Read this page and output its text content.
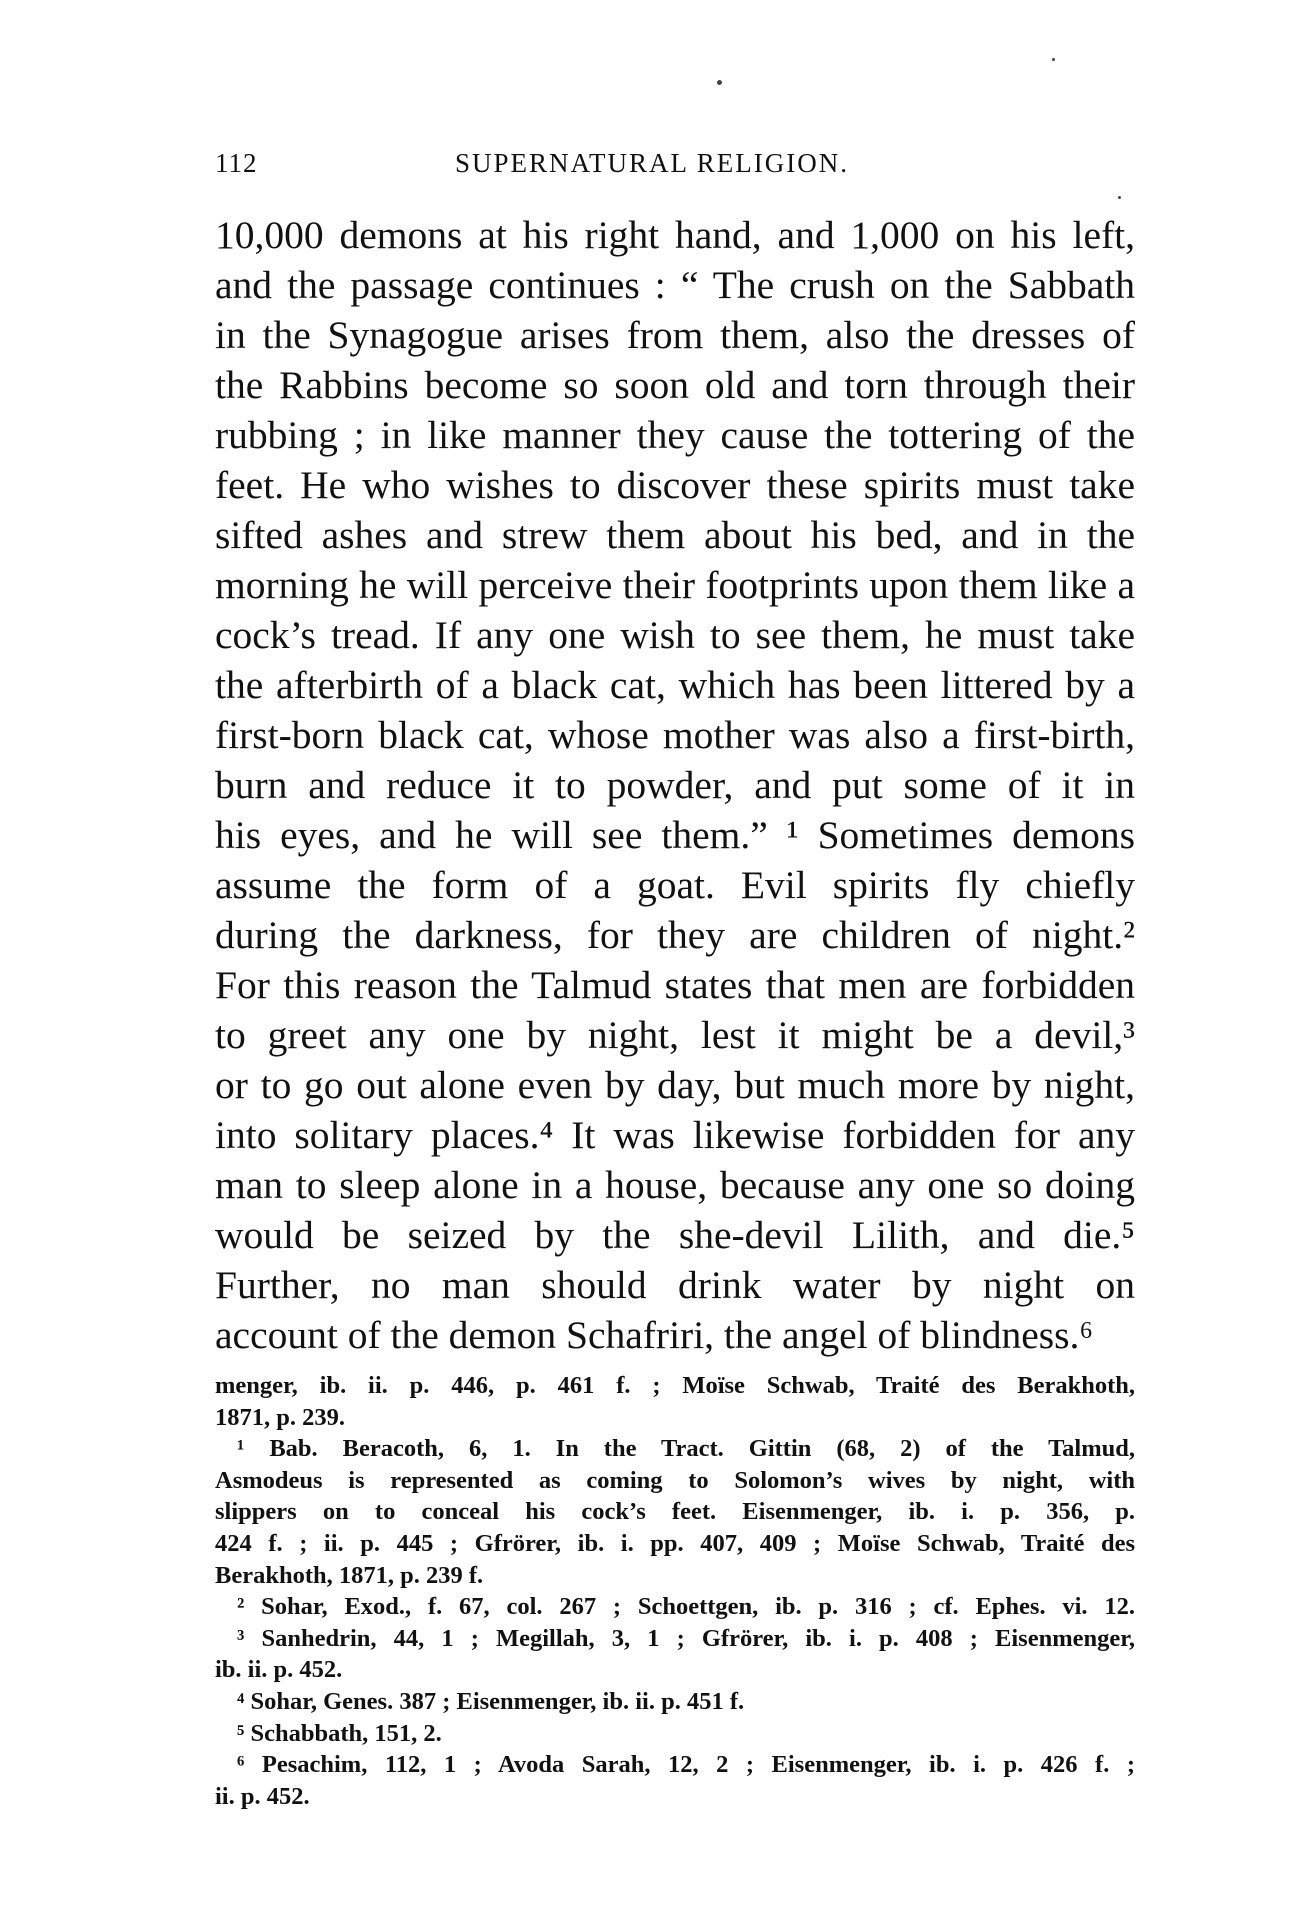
112	SUPERNATURAL RELIGION.
10,000 demons at his right hand, and 1,000 on his left,
and the passage continues : “ The crush on the Sabbath
in the Synagogue arises from them, also the dresses of
the Rabbins become so soon old and torn through their
rubbing ; in like manner they cause the tottering of the
feet. He who wishes to discover these spirits must take
sifted ashes and strew them about his bed, and in the
morning he will perceive their footprints upon them like a
cock’s tread. If any one wish to see them, he must take
the afterbirth of a black cat, which has been littered by a
first-born black cat, whose mother was also a first-birth,
burn and reduce it to powder, and put some of it in
his eyes, and he will see them.” ¹ Sometimes demons
assume the form of a goat. Evil spirits fly chiefly
during the darkness, for they are children of night.²
For this reason the Talmud states that men are forbidden
to greet any one by night, lest it might be a devil,³
or to go out alone even by day, but much more by night,
into solitary places.⁴ It was likewise forbidden for any
man to sleep alone in a house, because any one so doing
would be seized by the she-devil Lilith, and die.⁵
Further, no man should drink water by night on
account of the demon Schafriri, the angel of blindness.⁶
menger, ib. ii. p. 446, p. 461 f. ; Moïse Schwab, Traité des Berakhoth,
1871, p. 239.
¹ Bab. Beracoth, 6, 1. In the Tract. Gittin (68, 2) of the Talmud,
Asmodeus is represented as coming to Solomon’s wives by night, with
slippers on to conceal his cock’s feet. Eisenmenger, ib. i. p. 356, p.
424 f. ; ii. p. 445 ; Gfrörer, ib. i. pp. 407, 409 ; Moïse Schwab, Traité des
Berakhoth, 1871, p. 239 f.
² Sohar, Exod., f. 67, col. 267 ; Schoettgen, ib. p. 316 ; cf. Ephes. vi. 12.
³ Sanhedrin, 44, 1 ; Megillah, 3, 1 ; Gfrörer, ib. i. p. 408 ; Eisenmenger,
ib. ii. p. 452.
⁴ Sohar, Genes. 387 ; Eisenmenger, ib. ii. p. 451 f.
⁵ Schabbath, 151, 2.
⁶ Pesachim, 112, 1 ; Avoda Sarah, 12, 2 ; Eisenmenger, ib. i. p. 426 f. ;
ii. p. 452.
